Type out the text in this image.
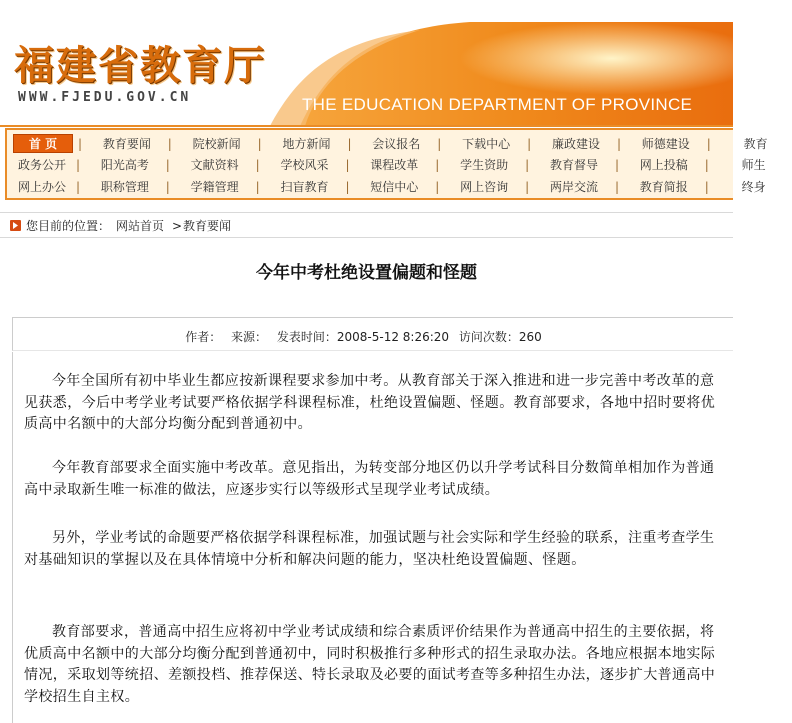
福建省教育厅
WWW.FJEDU.GOV.CN	THE EDUCATION DEPARTMENT OF PROVINCE
首 页 | 教育要闻 | 院校新闻 | 地方新闻 | 会议报名 | 下载中心 | 廉政建设 | 师德建设 |	教育
政务公开 | 阳光高考 | 文献资料 | 学校风采 | 课程改革 | 学生资助 | 教育督导 | 网上投稿 |	师生
网上办公 | 职称管理 | 学籍管理 | 扫盲教育 | 短信中心 | 网上咨询 | 两岸交流 | 教育简报 |	终身
您目前的位置： 网站首页 > 教育要闻
今年中考杜绝设置偏题和怪题
作者： 来源： 发表时间：2008-5-12 8:26:20 访问次数：260

今年全国所有初中毕业生都应按新课程要求参加中考。从教育部关于深入推进和进一步完善中考改革的意见获悉，今后中考学业考试要严格依据学科课程标准，杜绝设置偏题、怪题。教育部要求，各地中招时要将优质高中名额中的大部分均衡分配到普通初中。

今年教育部要求全面实施中考改革。意见指出，为转变部分地区仍以升学考试科目分数简单相加作为普通高中录取新生唯一标准的做法，应逐步实行以等级形式呈现学业考试成绩。

另外，学业考试的命题要严格依据学科课程标准，加强试题与社会实际和学生经验的联系，注重考查学生对基础知识的掌握以及在具体情境中分析和解决问题的能力，坚决杜绝设置偏题、怪题。

教育部要求，普通高中招生应将初中学业考试成绩和综合素质评价结果作为普通高中招生的主要依据，将优质高中名额中的大部分均衡分配到普通初中，同时积极推行多种形式的招生录取办法。各地应根据本地实际情况，采取划等统招、差额投档、推荐保送、特长录取及必要的面试考查等多种招生办法，逐步扩大普通高中学校招生自主权。
